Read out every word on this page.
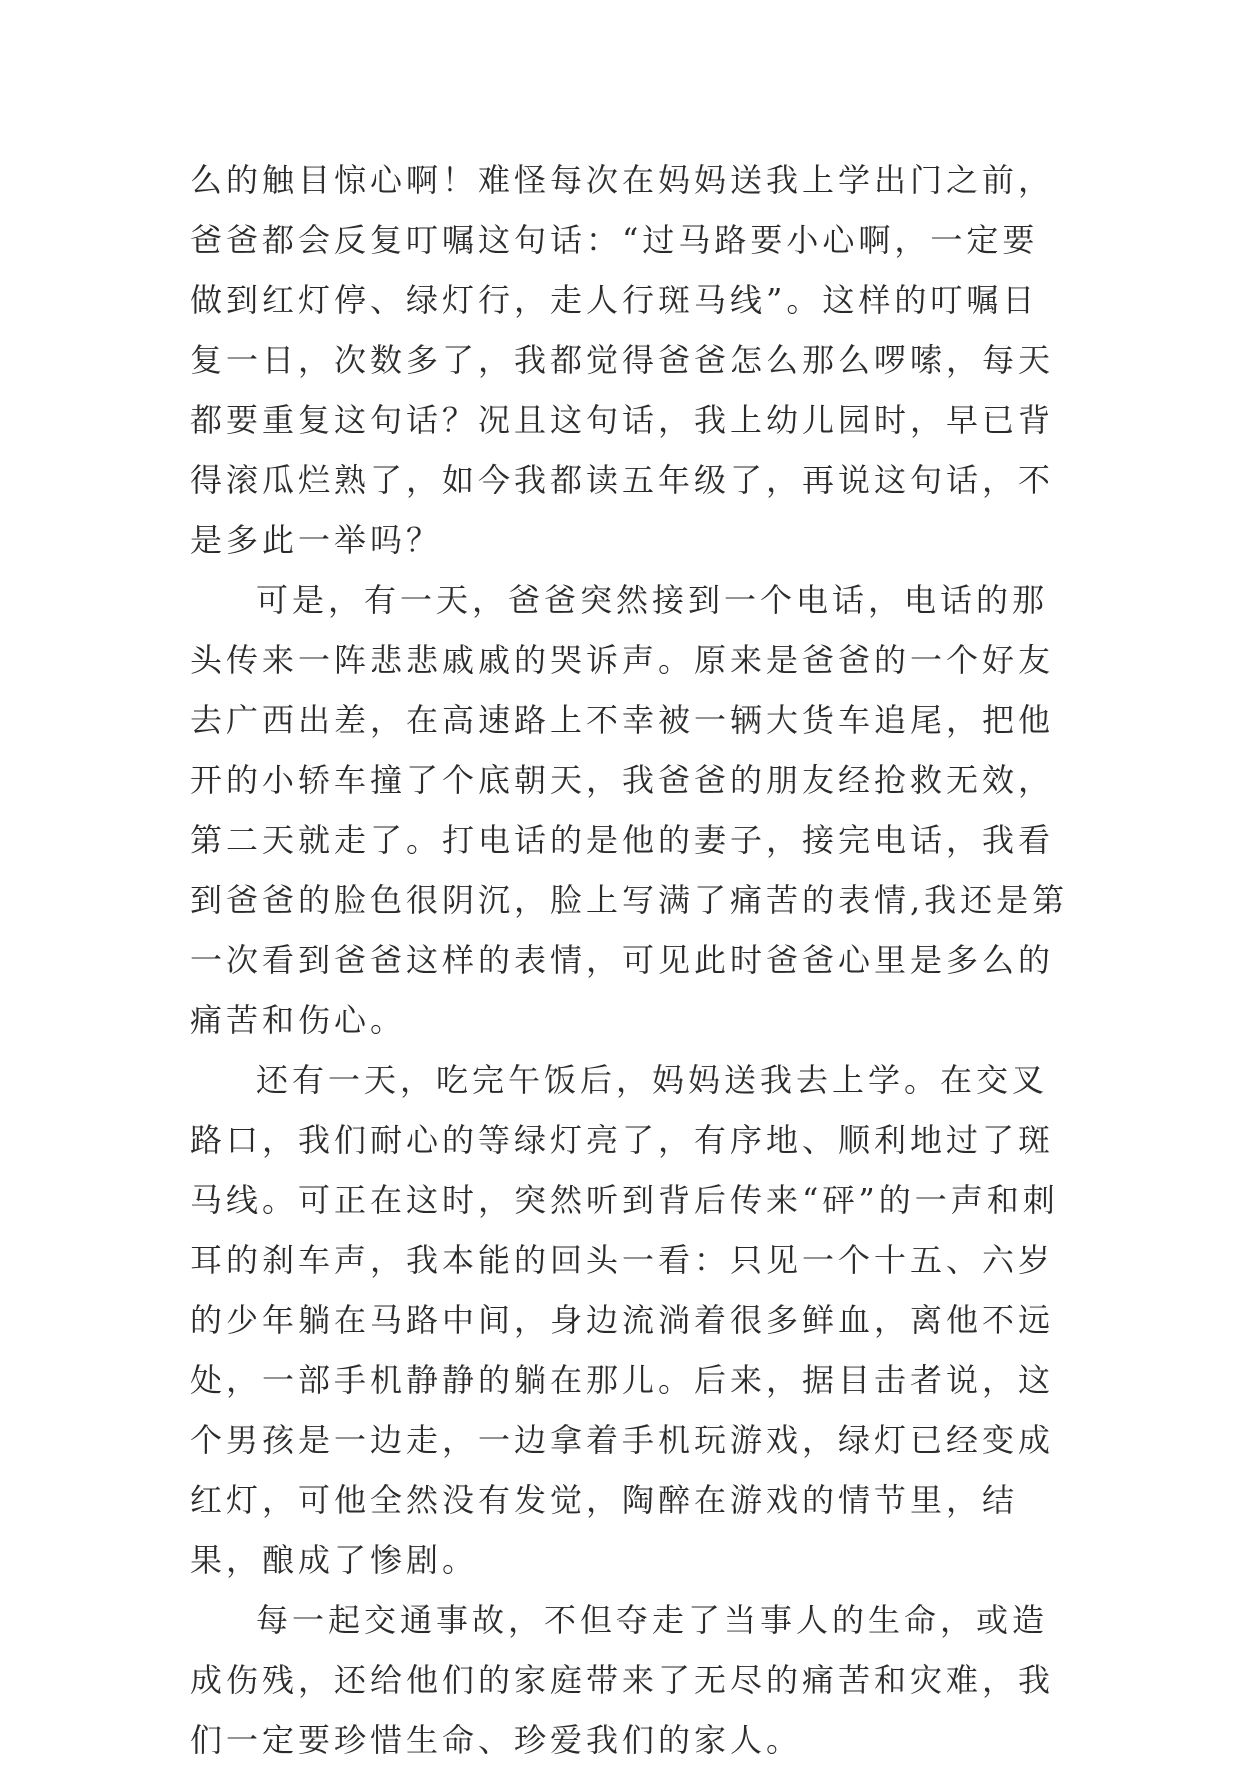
么的触目惊心啊！难怪每次在妈妈送我上学出门之前，爸爸都会反复叮嘱这句话：“过马路要小心啊，一定要做到红灯停、绿灯行，走人行斑马线”。这样的叮嘱日复一日，次数多了，我都觉得爸爸怎么那么啰嗦，每天都要重复这句话？况且这句话，我上幼儿园时，早已背得滚瓜烂熟了，如今我都读五年级了，再说这句话，不是多此一举吗？

可是，有一天，爸爸突然接到一个电话，电话的那头传来一阵悲悲戚戚的哭诉声。原来是爸爸的一个好友去广西出差，在高速路上不幸被一辆大货车追尾，把他开的小轿车撞了个底朝天，我爸爸的朋友经抢救无效，第二天就走了。打电话的是他的妻子，接完电话，我看到爸爸的脸色很阴沉，脸上写满了痛苦的表情,我还是第一次看到爸爸这样的表情，可见此时爸爸心里是多么的痛苦和伤心。

还有一天，吃完午饭后，妈妈送我去上学。在交叉路口，我们耐心的等绿灯亮了，有序地、顺利地过了斑马线。可正在这时，突然听到背后传来“砰”的一声和刺耳的刹车声，我本能的回头一看：只见一个十五、六岁的少年躺在马路中间，身边流淌着很多鲜血，离他不远处，一部手机静静的躺在那儿。后来，据目击者说，这个男孩是一边走，一边拿着手机玩游戏，绿灯已经变成红灯，可他全然没有发觉，陶醉在游戏的情节里，结果，酿成了惨剧。

每一起交通事故，不但夺走了当事人的生命，或造成伤残，还给他们的家庭带来了无尽的痛苦和灾难，我们一定要珍惜生命、珍爱我们的家人。
